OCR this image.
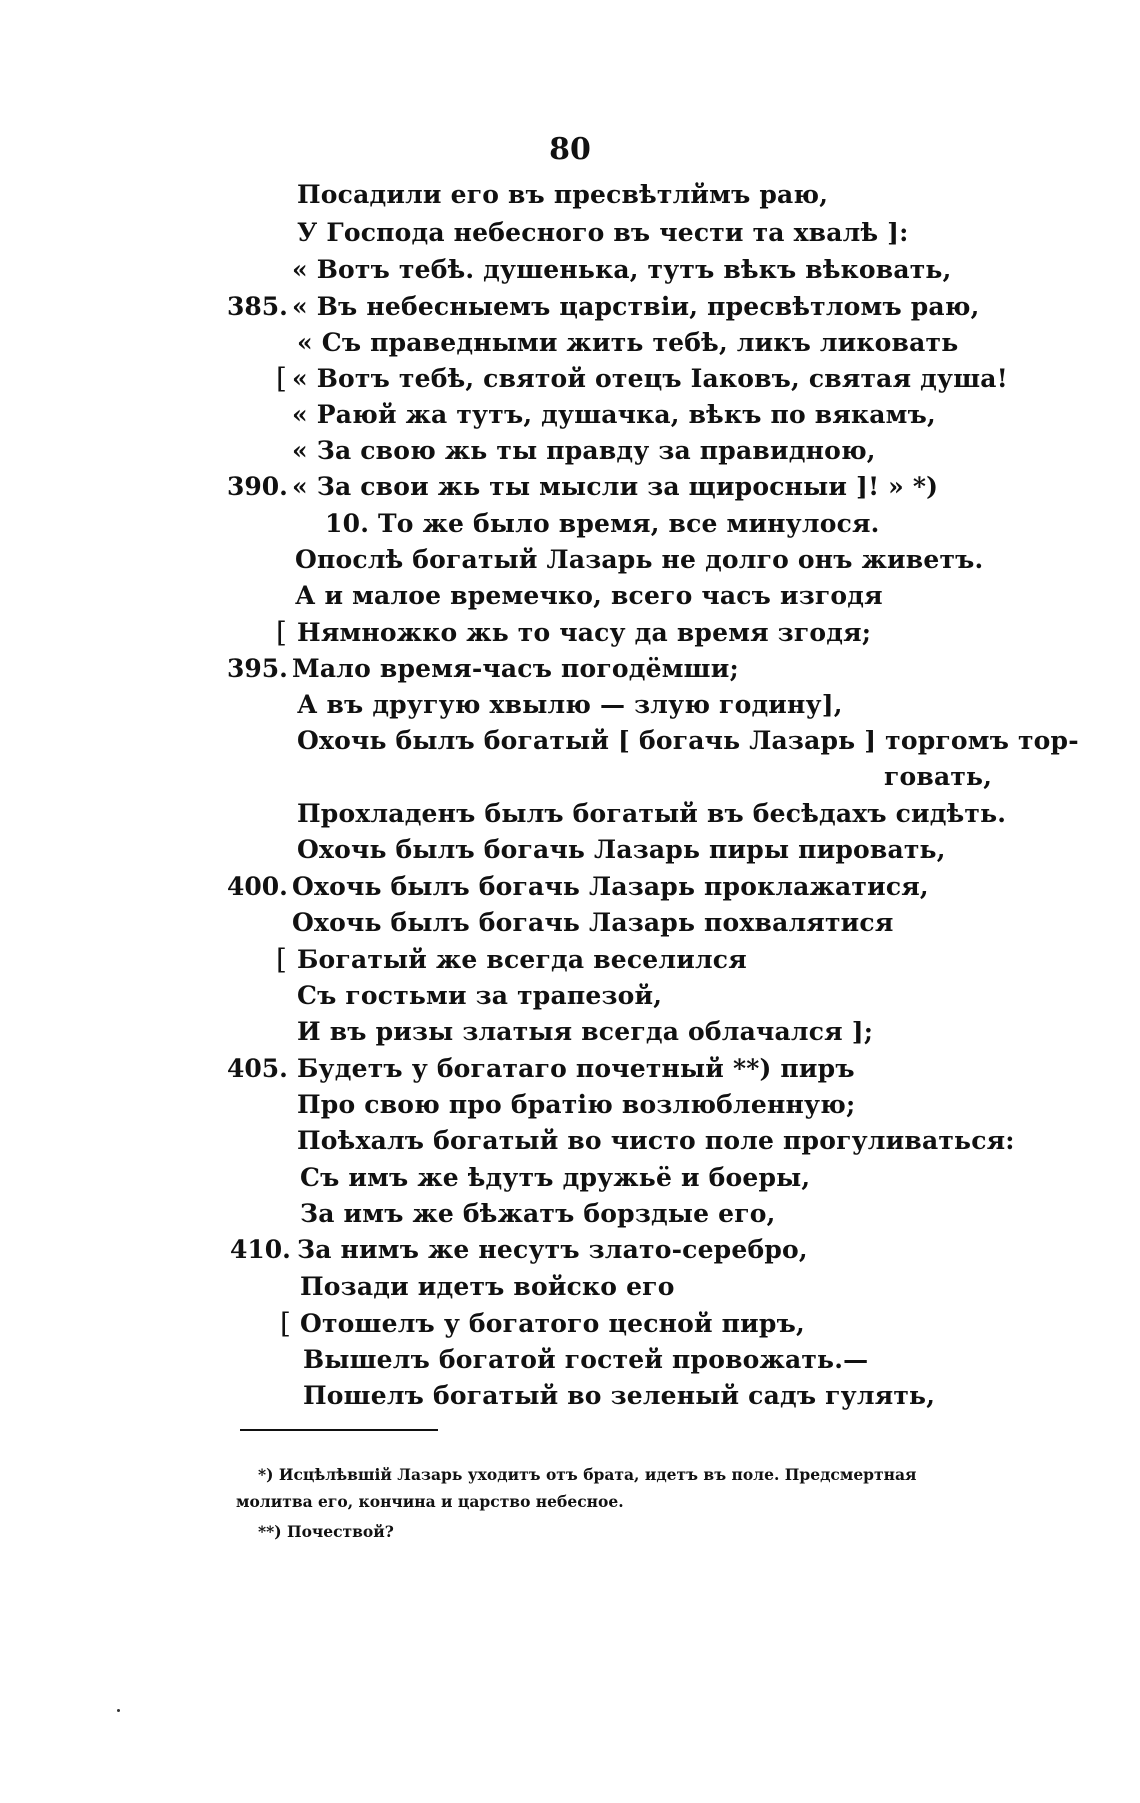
80
Посадили его въ пресвѣтлймъ раю,
У Господа небесного въ чести та хвалѣ ]:
« Вотъ тебѣ. душенька, тутъ вѣкъ вѣковать,
385. « Въ небесныемъ царствіи, пресвѣтломъ раю,
« Съ праведными жить тебѣ, ликъ ликовать
[ « Вотъ тебѣ, святой отецъ Іаковъ, святая душа!
« Раюй жа тутъ, душачка, вѣкъ по вякамъ,
« За свою жь ты правду за правидною,
390. « За свои жь ты мысли за щиросныи ]! » *)
10. То же было время, все минулося.
Опослѣ богатый Лазарь не долго онъ живетъ.
А и малое времечко, всего часъ изгодя
[ Нямножко жь то часу да время згодя;
395. Мало время-часъ погодёмши;
А въ другую хвылю — злую годину],
Охочь былъ богатый [ богачь Лазарь ] торгомъ тор-
говать,
Прохладенъ былъ богатый въ бесѣдахъ сидѣть.
Охочь былъ богачь Лазарь пиры пировать,
400. Охочь былъ богачь Лазарь проклажатися,
Охочь былъ богачь Лазарь похвалятися
[ Богатый же всегда веселился
Съ гостьми за трапезой,
И въ ризы златыя всегда облачался ];
405. Будетъ у богатаго почетный **) пиръ
Про свою про братію возлюбленную;
Поѣхалъ богатый во чисто поле прогуливаться:
Съ имъ же ѣдутъ дружьё и боеры,
За имъ же бѣжатъ борздые его,
410. За нимъ же несутъ злато-серебро,
Позади идетъ войско его
[ Отошелъ у богатого цесной пиръ,
Вышелъ богатой гостей провожать.—
Пошелъ богатый во зеленый садъ гулять,
*) Исцѣлѣвшій Лазарь уходитъ отъ брата, идетъ въ поле. Предсмертная
молитва его, кончина и царство небесное.
**) Почествой?
